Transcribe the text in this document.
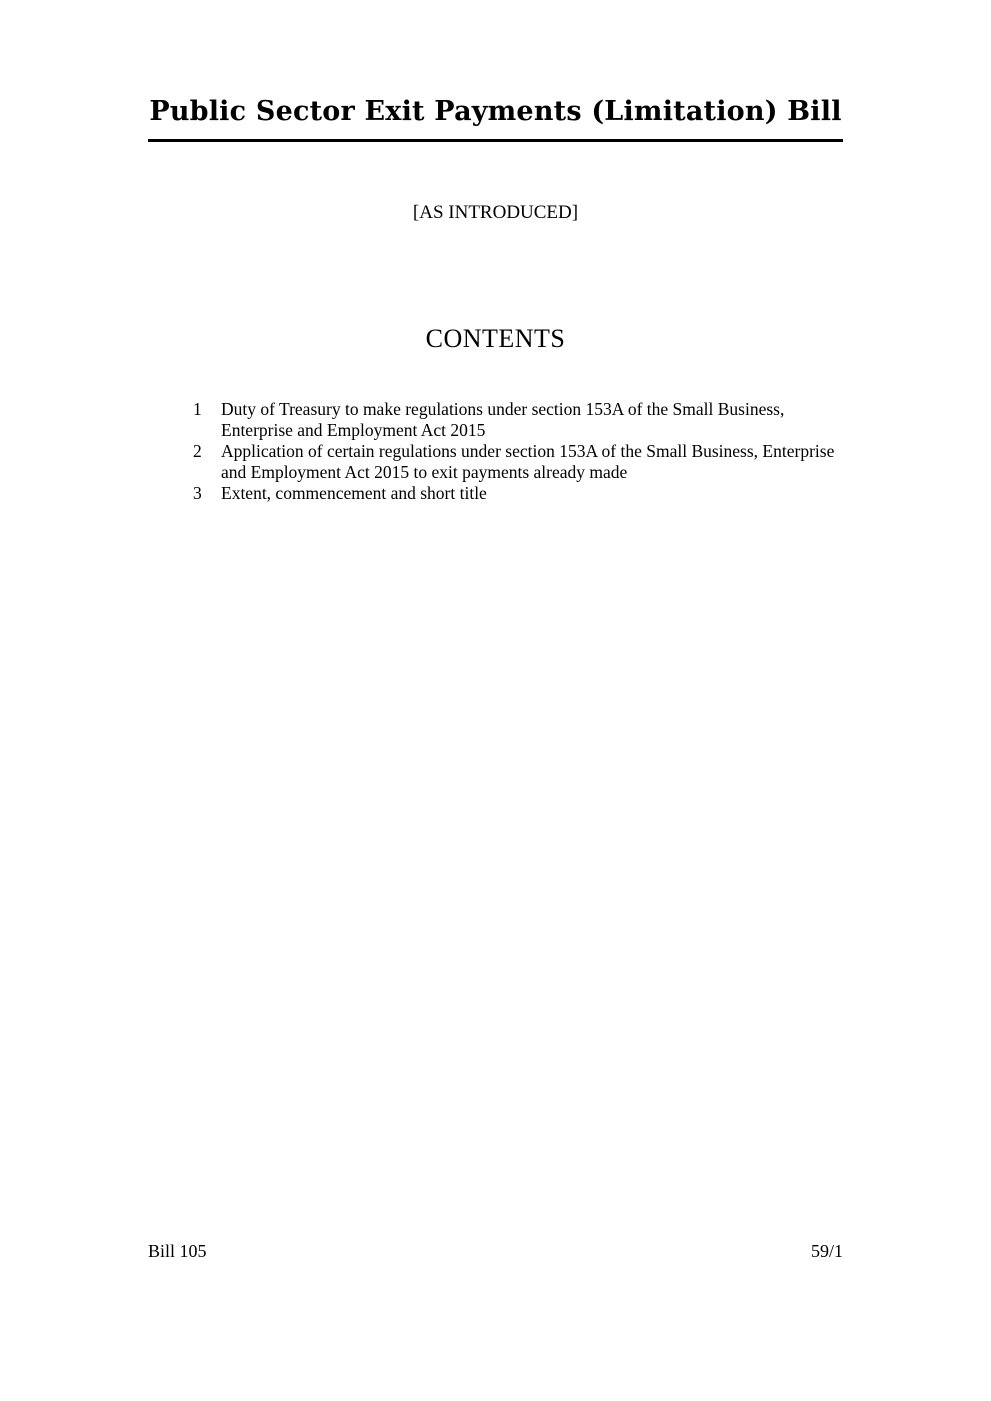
Public Sector Exit Payments (Limitation) Bill
[AS INTRODUCED]
CONTENTS
1	Duty of Treasury to make regulations under section 153A of the Small Business, Enterprise and Employment Act 2015
2	Application of certain regulations under section 153A of the Small Business, Enterprise and Employment Act 2015 to exit payments already made
3	Extent, commencement and short title
Bill 105	59/1
